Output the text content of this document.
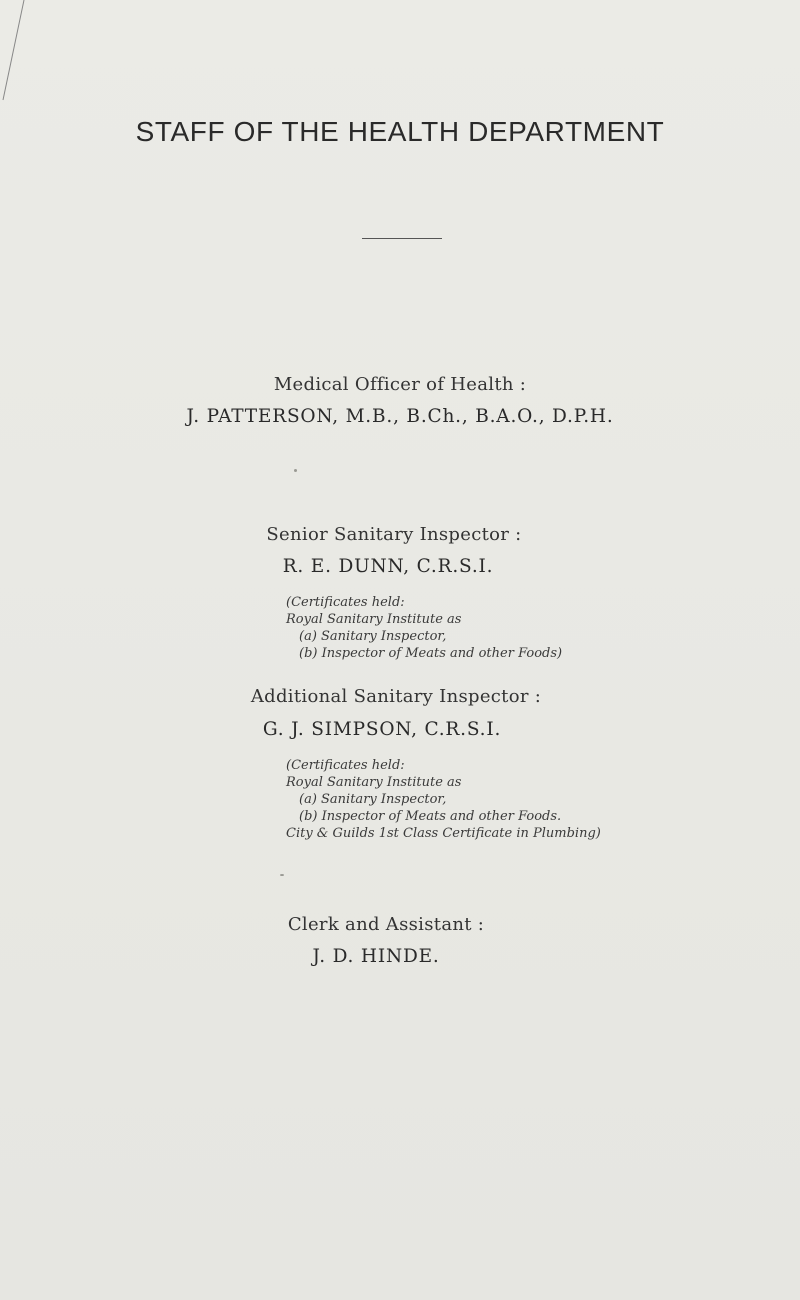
STAFF OF THE HEALTH DEPARTMENT
Medical Officer of Health :
J. PATTERSON, M.B., B.Ch., B.A.O., D.P.H.
Senior Sanitary Inspector :
R. E. DUNN, C.R.S.I.
(Certificates held:
Royal Sanitary Institute as
(a) Sanitary Inspector,
(b) Inspector of Meats and other Foods)
Additional Sanitary Inspector :
G. J. SIMPSON, C.R.S.I.
(Certificates held:
Royal Sanitary Institute as
(a) Sanitary Inspector,
(b) Inspector of Meats and other Foods.
City & Guilds 1st Class Certificate in Plumbing)
Clerk and Assistant :
J. D. HINDE.
